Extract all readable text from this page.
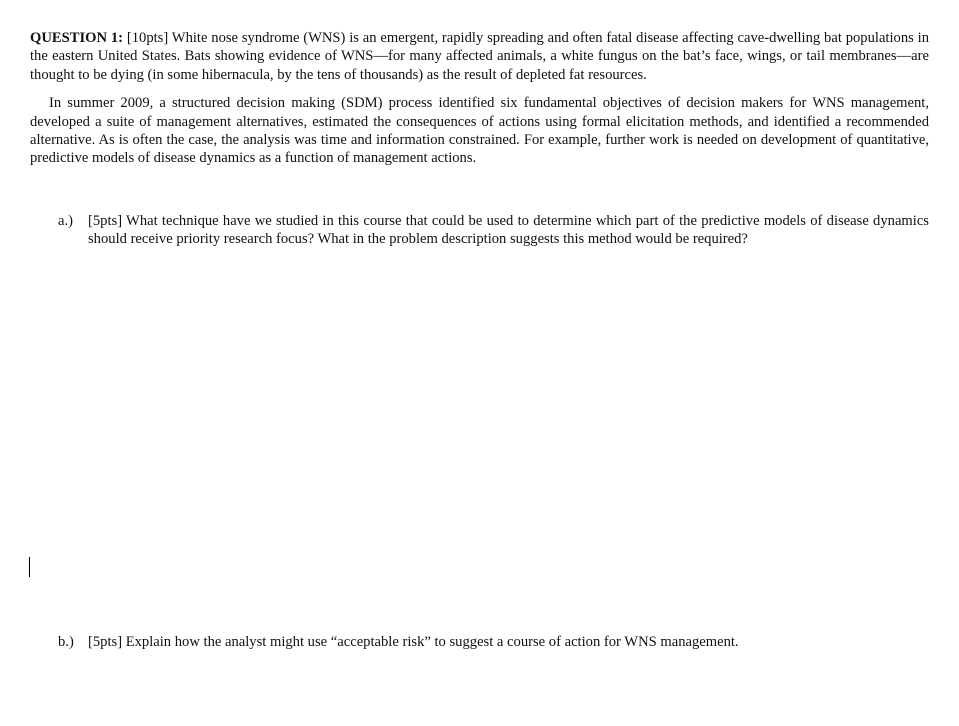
QUESTION 1: [10pts] White nose syndrome (WNS) is an emergent, rapidly spreading and often fatal disease affecting cave-dwelling bat populations in the eastern United States. Bats showing evidence of WNS—for many affected animals, a white fungus on the bat’s face, wings, or tail membranes—are thought to be dying (in some hibernacula, by the tens of thousands) as the result of depleted fat resources.

In summer 2009, a structured decision making (SDM) process identified six fundamental objectives of decision makers for WNS management, developed a suite of management alternatives, estimated the consequences of actions using formal elicitation methods, and identified a recommended alternative. As is often the case, the analysis was time and information constrained. For example, further work is needed on development of quantitative, predictive models of disease dynamics as a function of management actions.

a.) [5pts] What technique have we studied in this course that could be used to determine which part of the predictive models of disease dynamics should receive priority research focus? What in the problem description suggests this method would be required?

b.) [5pts] Explain how the analyst might use “acceptable risk” to suggest a course of action for WNS management.
